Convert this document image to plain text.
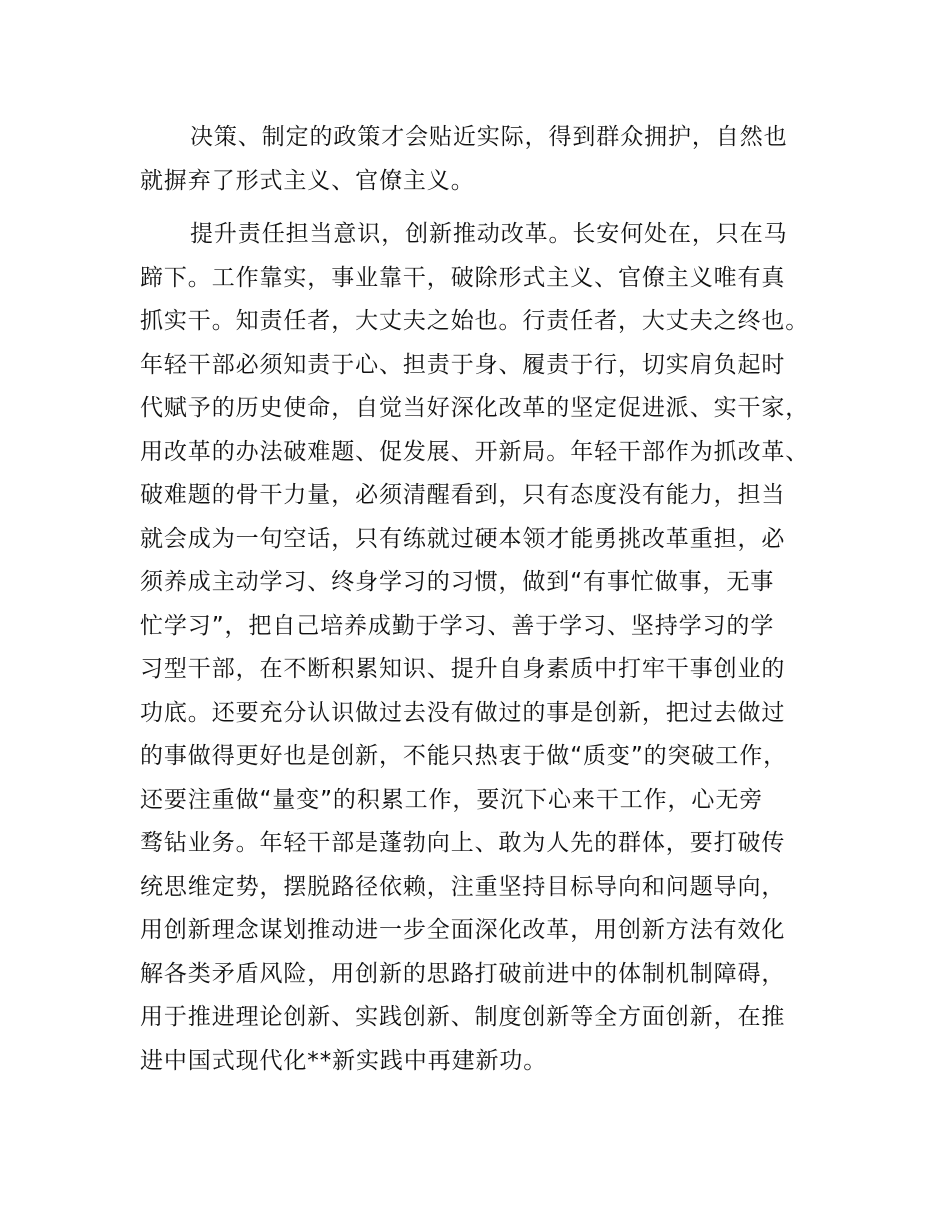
决策、制定的政策才会贴近实际，得到群众拥护，自然也
就摒弃了形式主义、官僚主义。
提升责任担当意识，创新推动改革。长安何处在，只在马
蹄下。工作靠实，事业靠干，破除形式主义、官僚主义唯有真
抓实干。知责任者，大丈夫之始也。行责任者，大丈夫之终也。
年轻干部必须知责于心、担责于身、履责于行，切实肩负起时
代赋予的历史使命，自觉当好深化改革的坚定促进派、实干家，
用改革的办法破难题、促发展、开新局。年轻干部作为抓改革、
破难题的骨干力量，必须清醒看到，只有态度没有能力，担当
就会成为一句空话，只有练就过硬本领才能勇挑改革重担，必
须养成主动学习、终身学习的习惯，做到“有事忙做事，无事
忙学习”，把自己培养成勤于学习、善于学习、坚持学习的学
习型干部，在不断积累知识、提升自身素质中打牢干事创业的
功底。还要充分认识做过去没有做过的事是创新，把过去做过
的事做得更好也是创新，不能只热衷于做“质变”的突破工作，
还要注重做“量变”的积累工作，要沉下心来干工作，心无旁
骛钻业务。年轻干部是蓬勃向上、敢为人先的群体，要打破传
统思维定势，摆脱路径依赖，注重坚持目标导向和问题导向，
用创新理念谋划推动进一步全面深化改革，用创新方法有效化
解各类矛盾风险，用创新的思路打破前进中的体制机制障碍，
用于推进理论创新、实践创新、制度创新等全方面创新，在推
进中国式现代化**新实践中再建新功。
